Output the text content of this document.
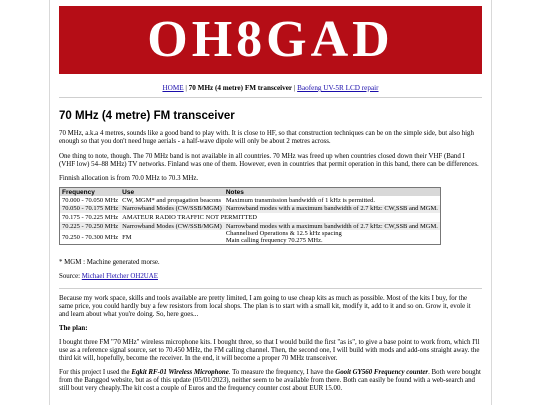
OH8GAD
HOME | 70 MHz (4 metre) FM transceiver | Baofeng UV-5R LCD repair
70 MHz (4 metre) FM transceiver

70 MHz, a.k.a 4 metres, sounds like a good band to play with. It is close to HF, so that construction techniques can be on the simple side, but also high enough so that you don't need huge aerials - a half-wave dipole will only be about 2 metres across.

One thing to note, though. The 70 MHz band is not available in all countries. 70 MHz was freed up when countries closed down their VHF (Band I (VHF low) 54–88 MHz) TV networks. Finland was one of them. However, even in countries that permit operation in this band, there can be differences.

Finnish allocation is from 70.0 MHz to 70.3 MHz.

Frequency	Use	Notes
70.000 - 70.050 MHz	CW, MGM* and propagation beacons	Maximum transmission bandwidth of 1 kHz is permitted.
70.050 - 70.175 MHz	Narrowband Modes (CW/SSB/MGM)	Narrowband modes with a maximum bandwidth of 2.7 kHz: CW,SSB and MGM.
70.175 - 70.225 MHz	AMATEUR RADIO TRAFFIC NOT PERMITTED	
70.225 - 70.250 MHz	Narrowband Modes (CW/SSB/MGM)	Narrowband modes with a maximum bandwidth of 2.7 kHz: CW,SSB and MGM.
70.250 - 70.300 MHz	FM	Channelised Operations & 12.5 kHz spacing
Main calling frequency 70.275 MHz.

* MGM : Machine generated morse.

Source: Michael Fletcher OH2UAE

Because my work space, skills and tools available are pretty limited, I am going to use cheap kits as much as possible. Most of the kits I buy, for the same price, you could hardly buy a few resistors from local shops. The plan is to start with a small kit, modify it, add to it and so on. Grow it, evole it and learn about what you're doing. So, here goes...

The plan:

I bought three FM "70 MHz" wireless microphone kits. I bought three, so that I would build the first "as is", to give a base point to work from, which I'll use as a reference signal source, set to 70.450 MHz, the FM calling channel. Then, the second one, I will build with mods and add-ons straight away. the third kit will, hopefully, become the receiver. In the end, it will become a proper 70 MHz transceiver.

For this project I used the Eqkit RF-01 Wireless Microphone. To measure the frequency, I have the Gooit GY560 Frequency counter. Both were bought from the Banggod website, but as of this update (05/01/2023), neither seem to be available from there. Both can easily be found with a web-search and still bout very cheaply.The kit cost a couple of Euros and the frequency counter cost about EUR 15.00.
